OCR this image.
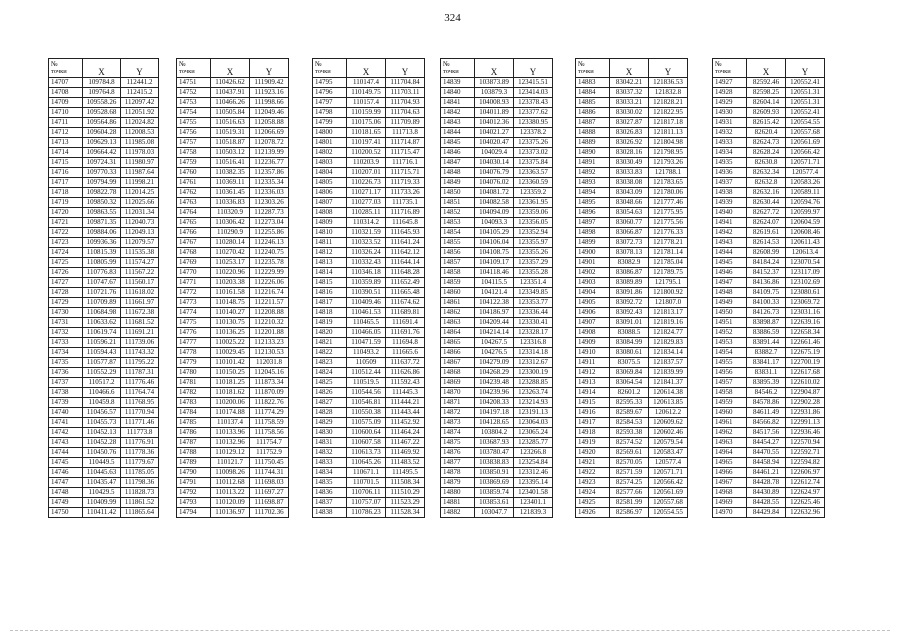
324
№
точки	X	Y
14707	109784.8	112441.2
14708	109764.8	112415.2
14709	109558.26	112097.42
14710	109528.68	112051.92
14711	109564.86	112024.82
14712	109604.28	112008.53
14713	109629.13	111985.08
14714	109664.42	111978.03
14715	109724.31	111980.97
14716	109770.33	111987.64
14717	109794.99	111998.21
14718	109822.78	112014.25
14719	109850.32	112025.66
14720	109863.55	112031.34
14721	109871.35	112040.73
14722	109884.06	112049.13
14723	109936.36	112079.57
14724	110815.39	111535.38
14725	110805.99	111574.27
14726	110776.83	111567.22
14727	110747.67	111560.17
14728	110721.76	111618.02
14729	110709.89	111661.97
14730	110684.98	111672.38
14731	110633.62	111681.52
14732	110619.74	111691.21
14733	110596.21	111739.06
14734	110594.43	111743.32
14735	110577.87	111795.22
14736	110552.29	111787.31
14737	110517.2	111776.46
14738	110466.6	111764.74
14739	110459.8	111768.95
14740	110456.57	111770.94
14741	110455.73	111771.46
14742	110452.13	111773.8
14743	110452.28	111776.91
14744	110450.76	111778.36
14745	110449.5	111779.67
14746	110445.63	111785.05
14747	110435.47	111798.36
14748	110429.5	111828.73
14749	110409.99	111861.52
14750	110411.42	111865.64
№
точки	X	Y
14751	110426.62	111909.42
14752	110437.91	111923.16
14753	110466.26	111998.66
14754	110505.84	112049.46
14755	110516.63	112058.88
14756	110519.31	112066.69
14757	110518.87	112078.72
14758	110503.12	112139.99
14759	110516.41	112236.77
14760	110382.35	112357.86
14761	110369.11	112335.34
14762	110361.45	112336.03
14763	110336.83	112303.26
14764	110320.9	112287.73
14765	110306.42	112273.04
14766	110290.9	112255.86
14767	110280.14	112246.13
14768	110270.42	112240.75
14769	110253.17	112235.78
14770	110220.96	112229.99
14771	110203.38	112226.06
14772	110161.58	112216.74
14773	110148.75	112211.57
14774	110140.27	112208.88
14775	110130.75	112210.32
14776	110136.25	112201.88
14777	110025.22	112133.23
14778	110029.45	112130.53
14779	110101.42	112031.8
14780	110150.25	112045.16
14781	110181.25	111873.34
14782	110181.62	111870.09
14783	110200.06	111822.76
14784	110174.88	111774.29
14785	110137.4	111758.59
14786	110133.96	111758.56
14787	110132.96	111754.7
14788	110129.12	111752.9
14789	110121.7	111750.45
14790	110098.26	111744.31
14791	110112.68	111698.03
14792	110113.22	111697.27
14793	110120.09	111698.87
14794	110136.97	111702.36
№
точки	X	Y
14795	110147.4	111704.84
14796	110149.75	111703.11
14797	110157.4	111704.93
14798	110159.99	111704.63
14799	110175.06	111709.89
14800	110181.65	111713.8
14801	110197.41	111714.87
14802	110200.52	111715.47
14803	110203.9	111716.1
14804	110207.01	111715.71
14805	110226.73	111719.33
14806	110271.17	111733.26
14807	110277.03	111735.1
14808	110285.11	111716.89
14809	110314.2	111645.8
14810	110321.59	111645.93
14811	110323.52	111641.24
14812	110326.24	111642.12
14813	110332.43	111644.14
14814	110346.18	111648.28
14815	110359.89	111652.49
14816	110390.51	111665.48
14817	110409.46	111674.62
14818	110461.53	111689.81
14819	110465.5	111691.4
14820	110466.05	111691.76
14821	110471.59	111694.8
14822	110493.2	111665.6
14823	110509	111637.72
14824	110512.44	111626.86
14825	110519.5	111592.43
14826	110544.56	111445.3
14827	110546.81	111444.21
14828	110550.38	111443.44
14829	110575.09	111452.92
14830	110600.64	111464.24
14831	110607.58	111467.22
14832	110613.73	111469.92
14833	110645.26	111483.52
14834	110671.1	111495.5
14835	110701.5	111508.34
14836	110706.11	111510.29
14837	110757.07	111523.29
14838	110786.23	111528.34
№
точки	X	Y
14839	103873.89	123415.51
14840	103879.3	123414.03
14841	104008.93	123378.43
14842	104011.89	123377.62
14843	104012.36	123380.95
14844	104021.27	123378.2
14845	104020.47	123375.26
14846	104029.4	123373.02
14847	104030.14	123375.84
14848	104076.79	123363.57
14849	104076.02	123360.59
14850	104081.72	123359.2
14851	104082.58	123361.95
14852	104094.09	123359.06
14853	104093.3	123356.05
14854	104105.29	123352.94
14855	104106.04	123355.97
14856	104108.75	123355.26
14857	104109.17	123357.29
14858	104118.46	123355.28
14859	104115.5	123351.4
14860	104121.4	123349.85
14861	104122.38	123353.77
14862	104186.97	123336.44
14863	104209.44	123330.41
14864	104214.14	123328.17
14865	104267.5	123316.8
14866	104276.5	123314.18
14867	104279.09	123312.67
14868	104268.29	123300.19
14869	104239.48	123288.85
14870	104239.96	123263.74
14871	104208.33	123214.93
14872	104197.18	123191.13
14873	104128.65	123064.03
14874	103804.2	123065.24
14875	103687.93	123285.77
14876	103780.47	123266.8
14877	103838.83	123254.84
14878	103850.91	123312.46
14879	103869.69	123395.14
14880	103859.74	123401.58
14881	103853.61	123401.1
14882	103047.7	121839.3
№
точки	X	Y
14883	83042.21	121836.53
14884	83037.32	121832.8
14885	83033.21	121828.21
14886	83030.02	121822.95
14887	83027.87	121817.18
14888	83026.83	121811.13
14889	83026.92	121804.98
14890	83028.16	121798.95
14891	83030.49	121793.26
14892	83033.83	121788.1
14893	83038.08	121783.65
14894	83043.09	121780.06
14895	83048.66	121777.46
14896	83054.63	121775.95
14897	83060.77	121775.56
14898	83066.87	121776.33
14899	83072.73	121778.21
14900	83078.13	121781.14
14901	83082.9	121785.04
14902	83086.87	121789.75
14903	83089.89	121795.1
14904	83091.86	121800.92
14905	83092.72	121807.0
14906	83092.43	121813.17
14907	83091.01	121819.16
14908	83088.5	121824.77
14909	83084.99	121829.83
14910	83080.61	121834.14
14911	83075.5	121837.57
14912	83069.84	121839.99
14913	83064.54	121841.37
14914	82601.2	120614.38
14915	82595.33	120613.85
14916	82589.67	120612.2
14917	82584.53	120609.62
14918	82593.38	120602.46
14919	82574.52	120579.54
14920	82569.61	120583.47
14921	82570.05	120577.4
14922	82571.59	120571.71
14923	82574.25	120566.42
14924	82577.66	120561.69
14925	82581.99	120557.68
14926	82586.97	120554.55
№
точки	X	Y
14927	82592.46	120552.41
14928	82598.25	120551.31
14929	82604.14	120551.31
14930	82609.93	120552.41
14931	82615.42	120554.55
14932	82620.4	120557.68
14933	82624.73	120561.69
14934	82628.24	120566.42
14935	82630.8	120571.71
14936	82632.34	120577.4
14937	82632.8	120583.26
14938	82632.16	120589.11
14939	82630.44	120594.76
14940	82627.72	120599.97
14941	82624.07	120604.59
14942	82619.61	120608.46
14943	82614.53	120611.43
14944	82608.99	120613.4
14945	84184.24	123070.54
14946	84152.37	123117.09
14947	84136.86	123102.69
14948	84109.75	123080.61
14949	84100.33	123069.72
14950	84126.73	123031.16
14951	83898.87	122639.16
14952	83886.59	122658.34
14953	83891.44	122661.46
14954	83882.7	122675.19
14955	83841.17	122700.19
14956	83831.1	122617.68
14957	83895.39	122610.02
14958	84546.2	122904.87
14959	84578.86	122902.28
14960	84611.49	122931.86
14961	84566.82	122991.13
14962	84517.56	122936.46
14963	84454.27	122570.94
14964	84470.55	122592.71
14965	84458.94	122594.82
14966	84461.21	122606.97
14967	84428.78	122612.74
14968	84430.89	122624.97
14969	84428.55	122625.46
14970	84429.84	122632.96
